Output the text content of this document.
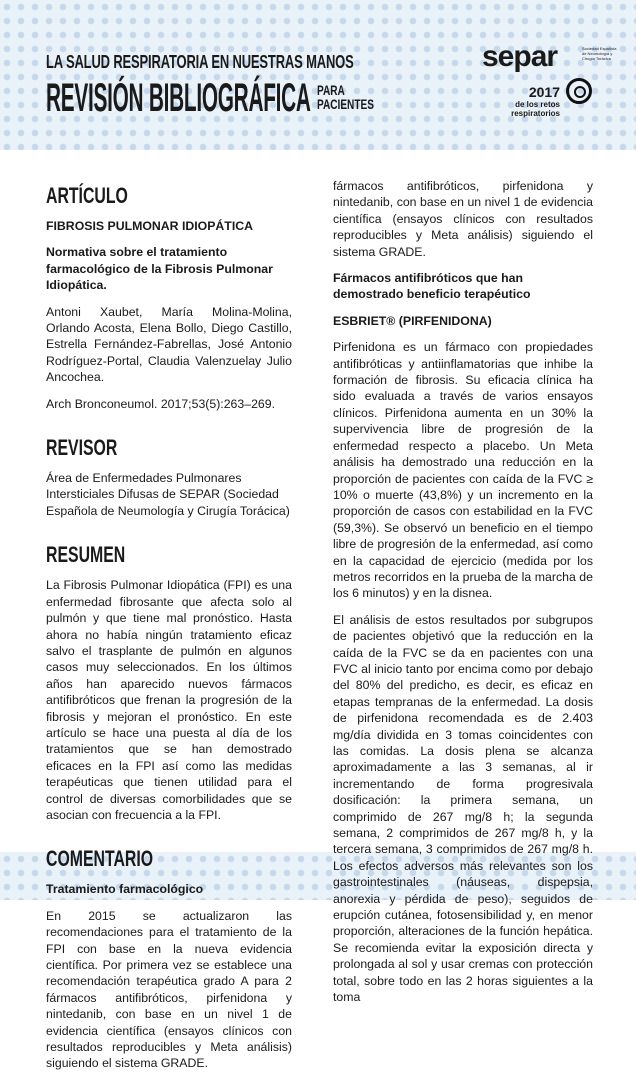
LA SALUD RESPIRATORIA EN NUESTRAS MANOS
REVISIÓN BIBLIOGRÁFICA PARA
PACIENTES
separ	Sociedad Española de Neumología y Cirugía Torácica
2017
de los retos
respiratorios
ARTÍCULO
FIBROSIS PULMONAR IDIOPÁTICA
Normativa sobre el tratamiento farmacológico de la Fibrosis Pulmonar Idiopática.

Antoni Xaubet, María Molina-Molina, Orlando Acosta, Elena Bollo, Diego Castillo, Estrella Fernández-Fabrellas, José Antonio Rodríguez-Portal, Claudia Valenzuelay Julio Ancochea.

Arch Bronconeumol. 2017;53(5):263–269.

REVISOR

Área de Enfermedades Pulmonares Intersticiales Difusas de SEPAR (Sociedad Española de Neumología y Cirugía Torácica)

RESUMEN

La Fibrosis Pulmonar Idiopática (FPI) es una enfermedad fibrosante que afecta solo al pulmón y que tiene mal pronóstico. Hasta ahora no había ningún tratamiento eficaz salvo el trasplante de pulmón en algunos casos muy seleccionados. En los últimos años han aparecido nuevos fármacos antifibróticos que frenan la progresión de la fibrosis y mejoran el pronóstico. En este artículo se hace una puesta al día de los tratamientos que se han demostrado eficaces en la FPI así como las medidas terapéuticas que tienen utilidad para el control de diversas comorbilidades que se asocian con frecuencia a la FPI.

COMENTARIO
Tratamiento farmacológico

En 2015 se actualizaron las recomendaciones para el tratamiento de la FPI con base en la nueva evidencia científica. Por primera vez se establece una recomendación terapéutica grado A para 2 fármacos antifibróticos, pirfenidona y nintedanib, con base en un nivel 1 de evidencia científica (ensayos clínicos con resultados reproducibles y Meta análisis) siguiendo el sistema GRADE.

fármacos antifibróticos, pirfenidona y nintedanib, con base en un nivel 1 de evidencia científica (ensayos clínicos con resultados reproducibles y Meta análisis) siguiendo el sistema GRADE.

Fármacos antifibróticos que han demostrado beneficio terapéutico
ESBRIET® (PIRFENIDONA)

Pirfenidona es un fármaco con propiedades antifibróticas y antiinflamatorias que inhibe la formación de fibrosis. Su eficacia clínica ha sido evaluada a través de varios ensayos clínicos. Pirfenidona aumenta en un 30% la supervivencia libre de progresión de la enfermedad respecto a placebo. Un Meta análisis ha demostrado una reducción en la proporción de pacientes con caída de la FVC ≥ 10% o muerte (43,8%) y un incremento en la proporción de casos con estabilidad en la FVC (59,3%). Se observó un beneficio en el tiempo libre de progresión de la enfermedad, así como en la capacidad de ejercicio (medida por los metros recorridos en la prueba de la marcha de los 6 minutos) y en la disnea.

El análisis de estos resultados por subgrupos de pacientes objetivó que la reducción en la caída de la FVC se da en pacientes con una FVC al inicio tanto por encima como por debajo del 80% del predicho, es decir, es eficaz en etapas tempranas de la enfermedad. La dosis de pirfenidona recomendada es de 2.403 mg/día dividida en 3 tomas coincidentes con las comidas. La dosis plena se alcanza aproximadamente a las 3 semanas, al ir incrementando de forma progresivala dosificación: la primera semana, un comprimido de 267 mg/8 h; la segunda semana, 2 comprimidos de 267 mg/8 h, y la tercera semana, 3 comprimidos de 267 mg/8 h. Los efectos adversos más relevantes son los gastrointestinales (náuseas, dispepsia, anorexia y pérdida de peso), seguidos de erupción cutánea, fotosensibilidad y, en menor proporción, alteraciones de la función hepática. Se recomienda evitar la exposición directa y prolongada al sol y usar cremas con protección total, sobre todo en las 2 horas siguientes a la toma
